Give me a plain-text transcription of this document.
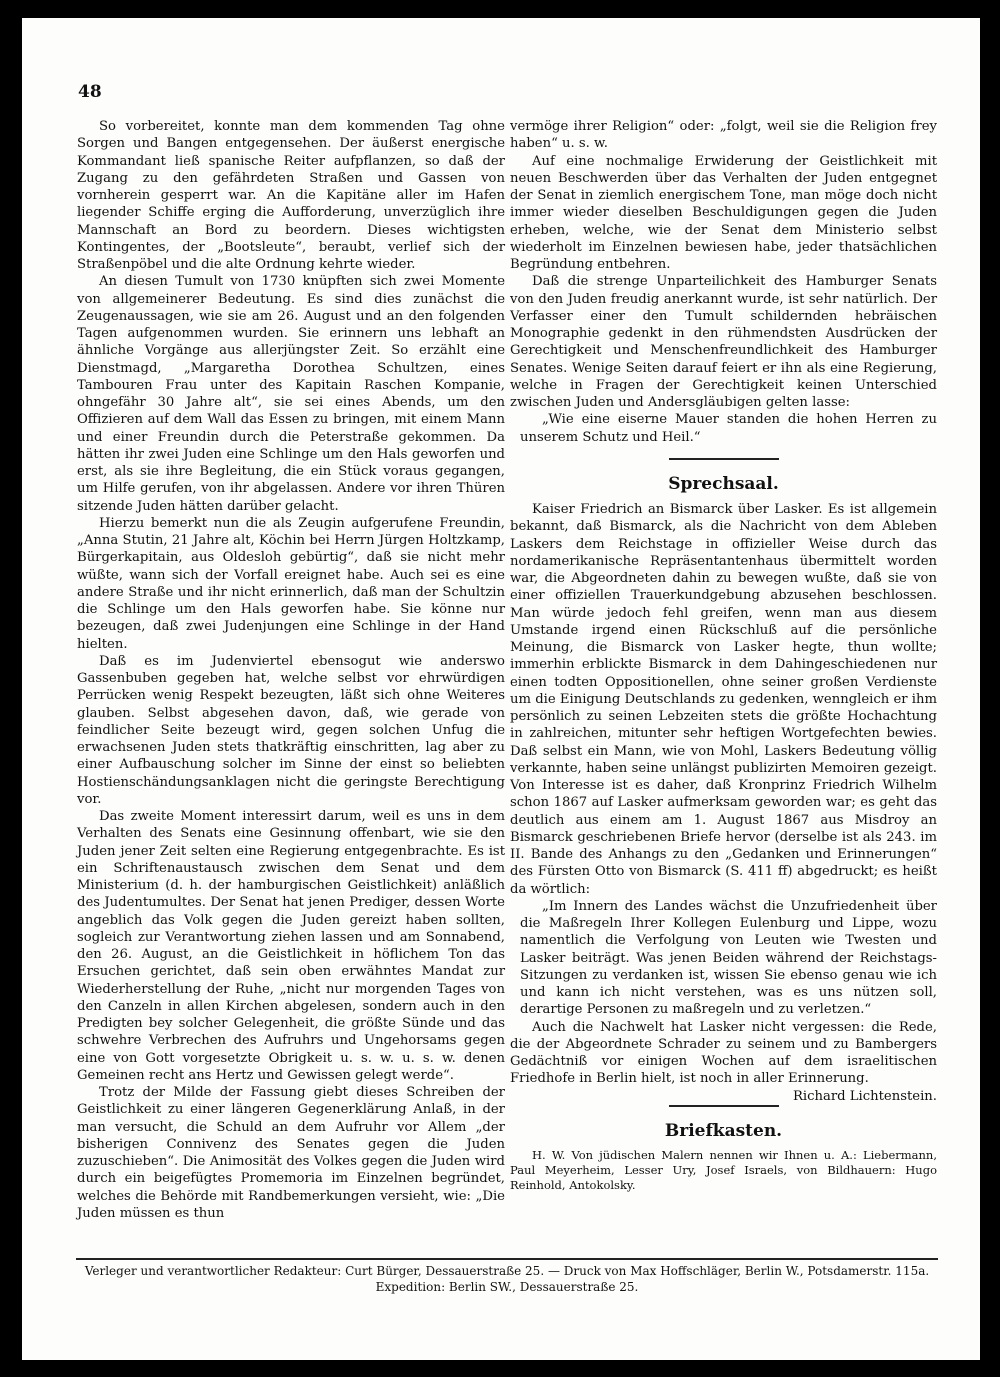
48

So vorbereitet, konnte man dem kommenden Tag ohne Sorgen und Bangen entgegensehen. Der äußerst energische Kommandant ließ spanische Reiter aufpflanzen, so daß der Zugang zu den gefährdeten Straßen und Gassen von vornherein gesperrt war. An die Kapitäne aller im Hafen liegender Schiffe erging die Aufforderung, unverzüglich ihre Mannschaft an Bord zu beordern. Dieses wichtigsten Kontingentes, der „Bootsleute“, beraubt, verlief sich der Straßenpöbel und die alte Ordnung kehrte wieder.

An diesen Tumult von 1730 knüpften sich zwei Momente von allgemeinerer Bedeutung. Es sind dies zunächst die Zeugenaussagen, wie sie am 26. August und an den folgenden Tagen aufgenommen wurden. Sie erinnern uns lebhaft an ähnliche Vorgänge aus allerjüngster Zeit. So erzählt eine Dienstmagd, „Margaretha Dorothea Schultzen, eines Tambouren Frau unter des Kapitain Raschen Kompanie, ohngefähr 30 Jahre alt“, sie sei eines Abends, um den Offizieren auf dem Wall das Essen zu bringen, mit einem Mann und einer Freundin durch die Peterstraße gekommen. Da hätten ihr zwei Juden eine Schlinge um den Hals geworfen und erst, als sie ihre Begleitung, die ein Stück voraus gegangen, um Hilfe gerufen, von ihr abgelassen. Andere vor ihren Thüren sitzende Juden hätten darüber gelacht.

Hierzu bemerkt nun die als Zeugin aufgerufene Freundin, „Anna Stutin, 21 Jahre alt, Köchin bei Herrn Jürgen Holtzkamp, Bürgerkapitain, aus Oldesloh gebürtig“, daß sie nicht mehr wüßte, wann sich der Vorfall ereignet habe. Auch sei es eine andere Straße und ihr nicht erinnerlich, daß man der Schultzin die Schlinge um den Hals geworfen habe. Sie könne nur bezeugen, daß zwei Judenjungen eine Schlinge in der Hand hielten.

Daß es im Judenviertel ebensogut wie anderswo Gassenbuben gegeben hat, welche selbst vor ehrwürdigen Perrücken wenig Respekt bezeugten, läßt sich ohne Weiteres glauben. Selbst abgesehen davon, daß, wie gerade von feindlicher Seite bezeugt wird, gegen solchen Unfug die erwachsenen Juden stets thatkräftig einschritten, lag aber zu einer Aufbauschung solcher im Sinne der einst so beliebten Hostienschändungsanklagen nicht die geringste Berechtigung vor.

Das zweite Moment interessirt darum, weil es uns in dem Verhalten des Senats eine Gesinnung offenbart, wie sie den Juden jener Zeit selten eine Regierung entgegenbrachte. Es ist ein Schriftenaustausch zwischen dem Senat und dem Ministerium (d. h. der hamburgischen Geistlichkeit) anläßlich des Judentumultes. Der Senat hat jenen Prediger, dessen Worte angeblich das Volk gegen die Juden gereizt haben sollten, sogleich zur Verantwortung ziehen lassen und am Sonnabend, den 26. August, an die Geistlichkeit in höflichem Ton das Ersuchen gerichtet, daß sein oben erwähntes Mandat zur Wiederherstellung der Ruhe, „nicht nur morgenden Tages von den Canzeln in allen Kirchen abgelesen, sondern auch in den Predigten bey solcher Gelegenheit, die größte Sünde und das schwehre Verbrechen des Aufruhrs und Ungehorsams gegen eine von Gott vorgesetzte Obrigkeit u. s. w. u. s. w. denen Gemeinen recht ans Hertz und Gewissen gelegt werde“.

Trotz der Milde der Fassung giebt dieses Schreiben der Geistlichkeit zu einer längeren Gegenerklärung Anlaß, in der man versucht, die Schuld an dem Aufruhr vor Allem „der bisherigen Connivenz des Senates gegen die Juden zuzuschieben“. Die Animosität des Volkes gegen die Juden wird durch ein beigefügtes Promemoria im Einzelnen begründet, welches die Behörde mit Randbemerkungen versieht, wie: „Die Juden müssen es thun

vermöge ihrer Religion“ oder: „folgt, weil sie die Religion frey haben“ u. s. w.

Auf eine nochmalige Erwiderung der Geistlichkeit mit neuen Beschwerden über das Verhalten der Juden entgegnet der Senat in ziemlich energischem Tone, man möge doch nicht immer wieder dieselben Beschuldigungen gegen die Juden erheben, welche, wie der Senat dem Ministerio selbst wiederholt im Einzelnen bewiesen habe, jeder thatsächlichen Begründung entbehren.

Daß die strenge Unparteilichkeit des Hamburger Senats von den Juden freudig anerkannt wurde, ist sehr natürlich. Der Verfasser einer den Tumult schildernden hebräischen Monographie gedenkt in den rühmendsten Ausdrücken der Gerechtigkeit und Menschenfreundlichkeit des Hamburger Senates. Wenige Seiten darauf feiert er ihn als eine Regierung, welche in Fragen der Gerechtigkeit keinen Unterschied zwischen Juden und Andersgläubigen gelten lasse:

„Wie eine eiserne Mauer standen die hohen Herren zu unserem Schutz und Heil.“

Sprechsaal.

Kaiser Friedrich an Bismarck über Lasker. Es ist allgemein bekannt, daß Bismarck, als die Nachricht von dem Ableben Laskers dem Reichstage in offizieller Weise durch das nordamerikanische Repräsentantenhaus übermittelt worden war, die Abgeordneten dahin zu bewegen wußte, daß sie von einer offiziellen Trauerkundgebung abzusehen beschlossen. Man würde jedoch fehl greifen, wenn man aus diesem Umstande irgend einen Rückschluß auf die persönliche Meinung, die Bismarck von Lasker hegte, thun wollte; immerhin erblickte Bismarck in dem Dahingeschiedenen nur einen todten Oppositionellen, ohne seiner großen Verdienste um die Einigung Deutschlands zu gedenken, wenngleich er ihm persönlich zu seinen Lebzeiten stets die größte Hochachtung in zahlreichen, mitunter sehr heftigen Wortgefechten bewies. Daß selbst ein Mann, wie von Mohl, Laskers Bedeutung völlig verkannte, haben seine unlängst publizirten Memoiren gezeigt. Von Interesse ist es daher, daß Kronprinz Friedrich Wilhelm schon 1867 auf Lasker aufmerksam geworden war; es geht das deutlich aus einem am 1. August 1867 aus Misdroy an Bismarck geschriebenen Briefe hervor (derselbe ist als 243. im II. Bande des Anhangs zu den „Gedanken und Erinnerungen“ des Fürsten Otto von Bismarck (S. 411 ff) abgedruckt; es heißt da wörtlich:

„Im Innern des Landes wächst die Unzufriedenheit über die Maßregeln Ihrer Kollegen Eulenburg und Lippe, wozu namentlich die Verfolgung von Leuten wie Twesten und Lasker beiträgt. Was jenen Beiden während der Reichstags-Sitzungen zu verdanken ist, wissen Sie ebenso genau wie ich und kann ich nicht verstehen, was es uns nützen soll, derartige Personen zu maßregeln und zu verletzen.“

Auch die Nachwelt hat Lasker nicht vergessen: die Rede, die der Abgeordnete Schrader zu seinem und zu Bambergers Gedächtniß vor einigen Wochen auf dem israelitischen Friedhofe in Berlin hielt, ist noch in aller Erinnerung.
Richard Lichtenstein.

Briefkasten.

H. W. Von jüdischen Malern nennen wir Ihnen u. A.: Liebermann, Paul Meyerheim, Lesser Ury, Josef Israels, von Bildhauern: Hugo Reinhold, Antokolsky.

Verleger und verantwortlicher Redakteur: Curt Bürger, Dessauerstraße 25. — Druck von Max Hoffschläger, Berlin W., Potsdamerstr. 115a.
Expedition: Berlin SW., Dessauerstraße 25.
